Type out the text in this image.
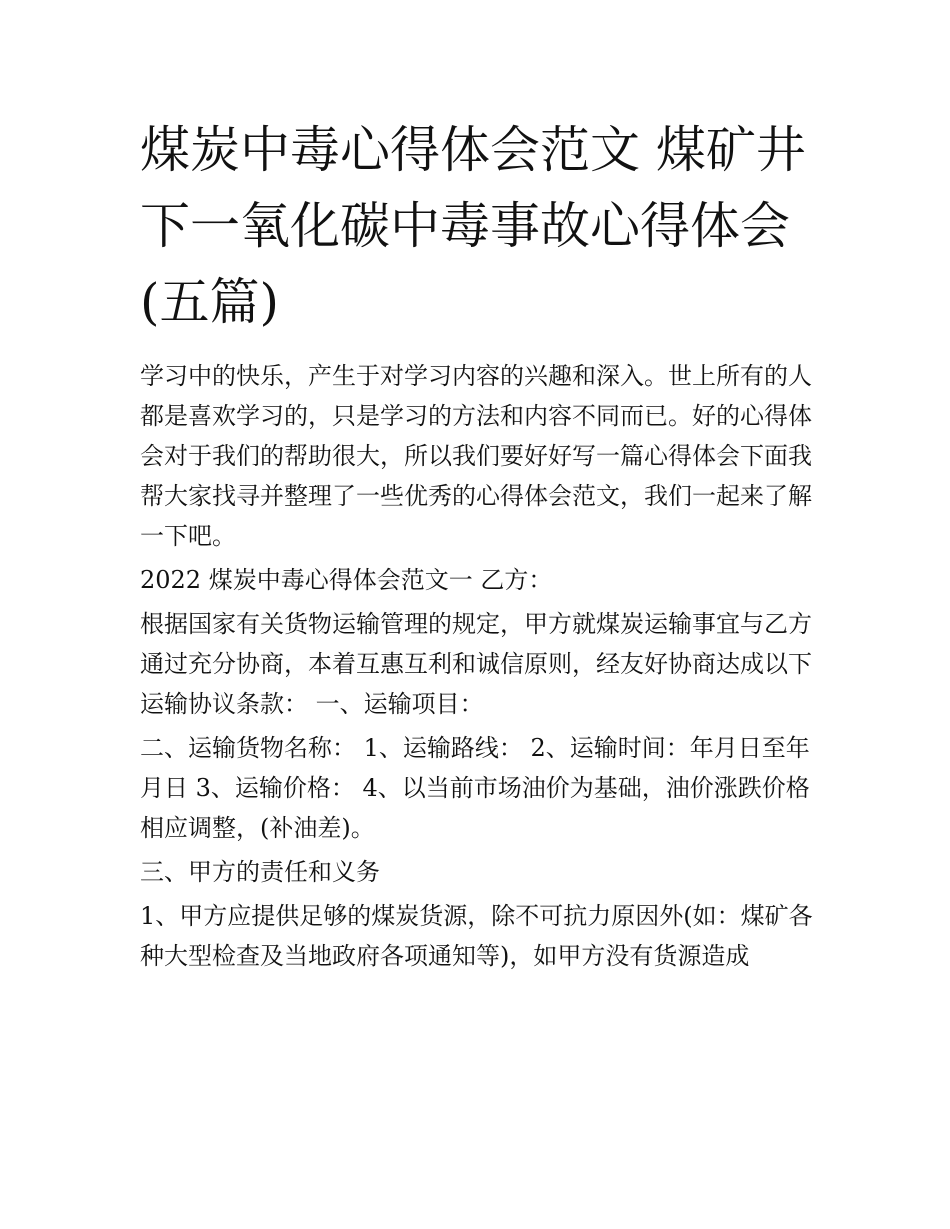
煤炭中毒心得体会范文 煤矿井下一氧化碳中毒事故心得体会(五篇)

学习中的快乐，产生于对学习内容的兴趣和深入。世上所有的人都是喜欢学习的，只是学习的方法和内容不同而已。好的心得体会对于我们的帮助很大，所以我们要好好写一篇心得体会下面我帮大家找寻并整理了一些优秀的心得体会范文，我们一起来了解一下吧。

2022 煤炭中毒心得体会范文一 乙方：

根据国家有关货物运输管理的规定，甲方就煤炭运输事宜与乙方通过充分协商，本着互惠互利和诚信原则，经友好协商达成以下运输协议条款： 一、运输项目：

二、运输货物名称： 1、运输路线： 2、运输时间：年月日至年月日 3、运输价格： 4、以当前市场油价为基础，油价涨跌价格相应调整，(补油差)。

三、甲方的责任和义务

1、甲方应提供足够的煤炭货源，除不可抗力原因外(如：煤矿各种大型检查及当地政府各项通知等)，如甲方没有货源造成
